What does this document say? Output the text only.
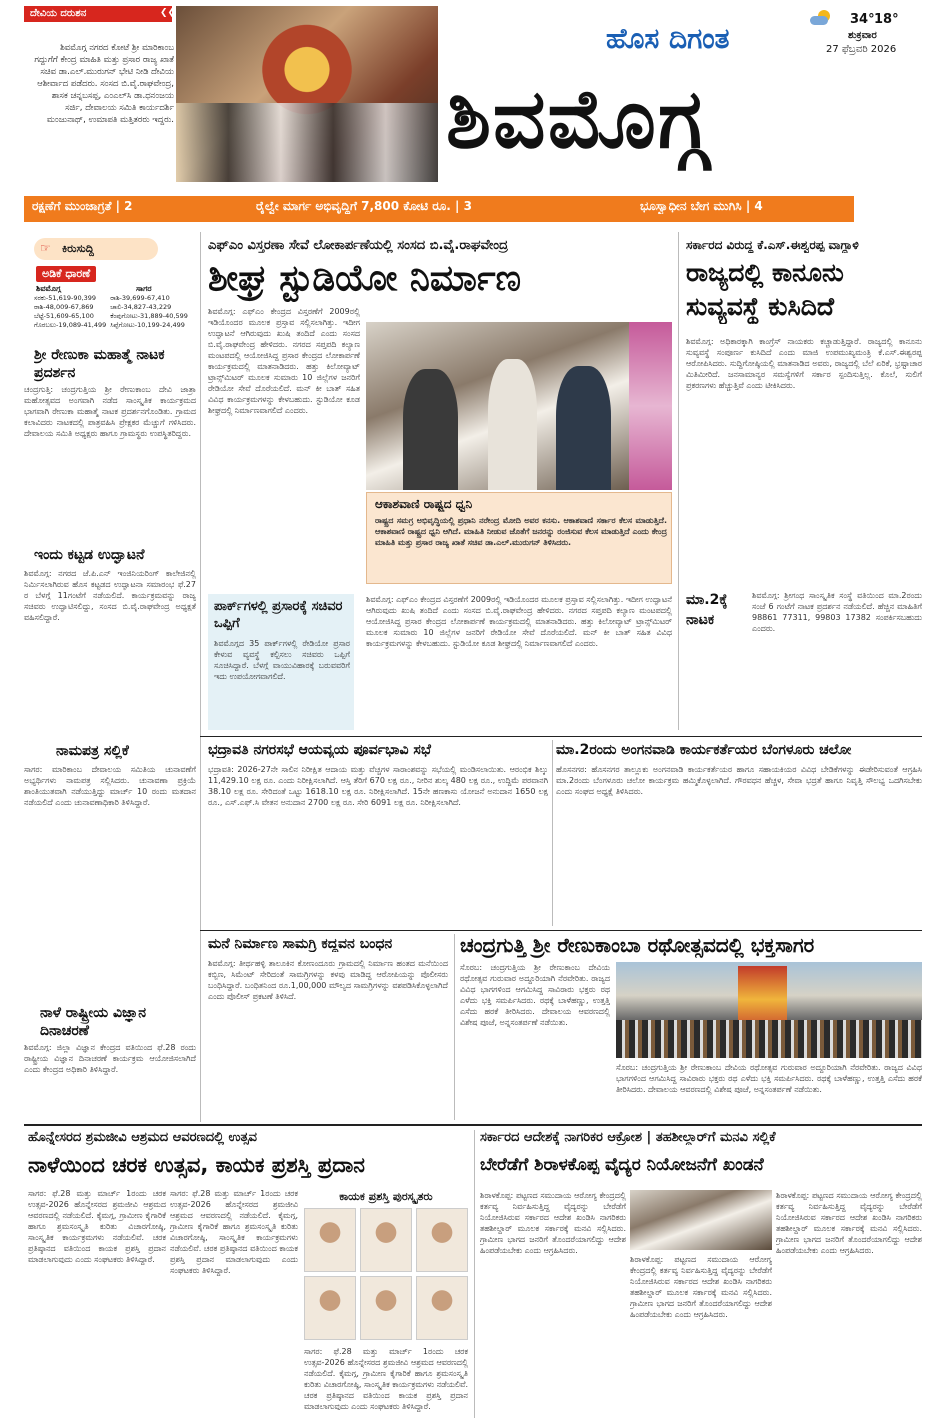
ದೇವಿಯ ದರುಶನ	❮❮
ಶಿವಮೊಗ್ಗ ನಗರದ ಕೋಟೆ ಶ್ರೀ ಮಾರಿಕಾಂಬ ಗದ್ದುಗೆಗೆ ಕೇಂದ್ರ ಮಾಹಿತಿ ಮತ್ತು ಪ್ರಸಾರ ರಾಜ್ಯ ಖಾತೆ ಸಚಿವ ಡಾ.ಎಲ್.ಮುರುಗನ್ ಭೇಟಿ ನೀಡಿ ದೇವಿಯ ಆಶೀರ್ವಾದ ಪಡೆದರು. ಸಂಸದ ಬಿ.ವೈ.ರಾಘವೇಂದ್ರ, ಶಾಸಕ ಚನ್ನಬಸಪ್ಪ, ಎಂಎಲ್‌ಸಿ ಡಾ.ಧನಂಜಯ ಸರ್ಜಿ, ದೇವಾಲಯ ಸಮಿತಿ ಕಾರ್ಯದರ್ಶಿ ಮಂಜುನಾಥ್, ಉಮಾಪತಿ ಮತ್ತಿತರರು ಇದ್ದರು.
ಹೊಸ ದಿಗಂತ
34° 18°
ಶುಕ್ರವಾರ
27 ಫೆಬ್ರವರಿ 2026
ಶಿವಮೊಗ್ಗ
ರಕ್ಷಣೆಗೆ ಮುಂಜಾಗ್ರತೆ | 2	ರೈಲ್ವೇ ಮಾರ್ಗ ಅಭಿವೃದ್ಧಿಗೆ 7,800 ಕೋಟಿ ರೂ. | 3	ಭೂಸ್ವಾಧೀನ ಬೇಗ ಮುಗಿಸಿ | 4
☞ ಕಿರುಸುದ್ದಿ
ಅಡಿಕೆ ಧಾರಣೆ
ಶಿವಮೊಗ್ಗ	ಸಾಗರ
ಸರಕು-51,619-90,399	ರಾಶಿ-39,699-67,410
ರಾಶಿ-48,009-67,869	ಚಾಲಿ-34,827-43,229
ಬೆಟ್ಟೆ-51,609-65,100	ಕೆಂಪುಗೋಟು-31,889-40,599
ಗೊರಬಲು-19,089-41,499	ಸಿಪ್ಪೆಗೋಟು-10,199-24,499
ಶ್ರೀ ರೇಣುಕಾ ಮಹಾತ್ಮೆ ನಾಟಕ ಪ್ರದರ್ಶನ
ಚಂದ್ರಗುತ್ತಿ: ಚಂದ್ರಗುತ್ತಿಯ ಶ್ರೀ ರೇಣುಕಾಂಬ ದೇವಿ ಜಾತ್ರಾ ಮಹೋತ್ಸವದ ಅಂಗವಾಗಿ ನಡೆದ ಸಾಂಸ್ಕೃತಿಕ ಕಾರ್ಯಕ್ರಮದ ಭಾಗವಾಗಿ ರೇಣುಕಾ ಮಹಾತ್ಮೆ ನಾಟಕ ಪ್ರದರ್ಶನಗೊಂಡಿತು. ಗ್ರಾಮದ ಕಲಾವಿದರು ನಾಟಕದಲ್ಲಿ ಪಾತ್ರವಹಿಸಿ ಪ್ರೇಕ್ಷಕರ ಮೆಚ್ಚುಗೆ ಗಳಿಸಿದರು. ದೇವಾಲಯ ಸಮಿತಿ ಅಧ್ಯಕ್ಷರು ಹಾಗೂ ಗ್ರಾಮಸ್ಥರು ಉಪಸ್ಥಿತರಿದ್ದರು.
ಇಂದು ಕಟ್ಟಡ ಉದ್ಘಾಟನೆ
ಶಿವಮೊಗ್ಗ: ನಗರದ ಜೆ.ಪಿ.ಎನ್ ಇಂಜಿನಿಯರಿಂಗ್ ಕಾಲೇಜಿನಲ್ಲಿ ನಿರ್ಮಿಸಲಾಗಿರುವ ಹೊಸ ಕಟ್ಟಡದ ಉದ್ಘಾಟನಾ ಸಮಾರಂಭ ಫೆ.27 ರ ಬೆಳಗ್ಗೆ 11ಗಂಟೆಗೆ ನಡೆಯಲಿದೆ. ಕಾರ್ಯಕ್ರಮವನ್ನು ರಾಜ್ಯ ಸಚಿವರು ಉದ್ಘಾಟಿಸಲಿದ್ದು, ಸಂಸದ ಬಿ.ವೈ.ರಾಘವೇಂದ್ರ ಅಧ್ಯಕ್ಷತೆ ವಹಿಸಲಿದ್ದಾರೆ.
ನಾಮಪತ್ರ ಸಲ್ಲಿಕೆ
ಸಾಗರ: ಮಾರಿಕಾಂಬ ದೇವಾಲಯ ಸಮಿತಿಯ ಚುನಾವಣೆಗೆ ಅಭ್ಯರ್ಥಿಗಳು ನಾಮಪತ್ರ ಸಲ್ಲಿಸಿದರು. ಚುನಾವಣಾ ಪ್ರಕ್ರಿಯೆ ಶಾಂತಿಯುತವಾಗಿ ನಡೆಯುತ್ತಿದ್ದು ಮಾರ್ಚ್ 10 ರಂದು ಮತದಾನ ನಡೆಯಲಿದೆ ಎಂದು ಚುನಾವಣಾಧಿಕಾರಿ ತಿಳಿಸಿದ್ದಾರೆ.
ನಾಳೆ ರಾಷ್ಟ್ರೀಯ ವಿಜ್ಞಾನ ದಿನಾಚರಣೆ
ಶಿವಮೊಗ್ಗ: ಜಿಲ್ಲಾ ವಿಜ್ಞಾನ ಕೇಂದ್ರದ ವತಿಯಿಂದ ಫೆ.28 ರಂದು ರಾಷ್ಟ್ರೀಯ ವಿಜ್ಞಾನ ದಿನಾಚರಣೆ ಕಾರ್ಯಕ್ರಮ ಆಯೋಜಿಸಲಾಗಿದೆ ಎಂದು ಕೇಂದ್ರದ ಅಧಿಕಾರಿ ತಿಳಿಸಿದ್ದಾರೆ.
ಎಫ್‌ಎಂ ವಿಸ್ತರಣಾ ಸೇವೆ ಲೋಕಾರ್ಪಣೆಯಲ್ಲಿ ಸಂಸದ ಬಿ.ವೈ.ರಾಘವೇಂದ್ರ
ಶೀಘ್ರ ಸ್ಟುಡಿಯೋ ನಿರ್ಮಾಣ
ಶಿವಮೊಗ್ಗ: ಎಫ್‌ಎಂ ಕೇಂದ್ರದ ವಿಸ್ತರಣೆಗೆ 2009ರಲ್ಲಿ ಇಡಿಯೊಂದರ ಮೂಲಕ ಪ್ರಸ್ತಾವ ಸಲ್ಲಿಸಲಾಗಿತ್ತು. ಇದೀಗ ಉದ್ಘಾಟನೆ ಆಗಿರುವುದು ಖುಷಿ ತಂದಿದೆ ಎಂದು ಸಂಸದ ಬಿ.ವೈ.ರಾಘವೇಂದ್ರ ಹೇಳಿದರು. ನಗರದ ಸಪ್ತಪದಿ ಕಲ್ಯಾಣ ಮಂಟಪದಲ್ಲಿ ಆಯೋಜಿಸಿದ್ದ ಪ್ರಸಾರ ಕೇಂದ್ರದ ಲೋಕಾರ್ಪಣೆ ಕಾರ್ಯಕ್ರಮದಲ್ಲಿ ಮಾತನಾಡಿದರು. ಹತ್ತು ಕಿಲೋವ್ಯಾಟ್ ಟ್ರಾನ್ಸ್‌ಮಿಟರ್ ಮೂಲಕ ಸುಮಾರು 10 ಜಿಲ್ಲೆಗಳ ಜನರಿಗೆ ರೇಡಿಯೋ ಸೇವೆ ದೊರೆಯಲಿದೆ. ಮನ್ ಕೀ ಬಾತ್ ಸಹಿತ ವಿವಿಧ ಕಾರ್ಯಕ್ರಮಗಳನ್ನು ಕೇಳಬಹುದು. ಸ್ಟುಡಿಯೋ ಕೂಡ ಶೀಘ್ರದಲ್ಲಿ ನಿರ್ಮಾಣವಾಗಲಿದೆ ಎಂದರು.
ಆಕಾಶವಾಣಿ ರಾಷ್ಟ್ರದ ಧ್ವನಿ
ರಾಷ್ಟ್ರದ ಸಮಗ್ರ ಅಭಿವೃದ್ಧಿಯಲ್ಲಿ ಪ್ರಧಾನಿ ನರೇಂದ್ರ ಮೋದಿ ಅವರ ಕನಸು. ಆಕಾಶವಾಣಿ ಸರ್ಕಾರ ಕೆಲಸ ಮಾಡುತ್ತಿದೆ. ಆಕಾಶವಾಣಿ ರಾಷ್ಟ್ರದ ಧ್ವನಿ ಆಗಿದೆ. ಮಾಹಿತಿ ನೀಡುವ ಜೊತೆಗೆ ಜನರನ್ನು ರಂಜಿಸುವ ಕೆಲಸ ಮಾಡುತ್ತಿದೆ ಎಂದು ಕೇಂದ್ರ ಮಾಹಿತಿ ಮತ್ತು ಪ್ರಸಾರ ರಾಜ್ಯ ಖಾತೆ ಸಚಿವ ಡಾ.ಎಲ್.ಮುರುಗನ್ ತಿಳಿಸಿದರು.
ಪಾರ್ಕ್‌ಗಳಲ್ಲಿ ಪ್ರಸಾರಕ್ಕೆ ಸಚಿವರ ಒಪ್ಪಿಗೆ
ಶಿವಮೊಗ್ಗದ 35 ಪಾರ್ಕ್‌ಗಳಲ್ಲಿ ರೇಡಿಯೋ ಪ್ರಸಾರ ಕೇಳುವ ವ್ಯವಸ್ಥೆ ಕಲ್ಪಿಸಲು ಸಚಿವರು ಒಪ್ಪಿಗೆ ಸೂಚಿಸಿದ್ದಾರೆ. ಬೆಳಗ್ಗೆ ವಾಯುವಿಹಾರಕ್ಕೆ ಬರುವವರಿಗೆ ಇದು ಉಪಯೋಗವಾಗಲಿದೆ.
ಶಿವಮೊಗ್ಗ: ಎಫ್‌ಎಂ ಕೇಂದ್ರದ ವಿಸ್ತರಣೆಗೆ 2009ರಲ್ಲಿ ಇಡಿಯೊಂದರ ಮೂಲಕ ಪ್ರಸ್ತಾವ ಸಲ್ಲಿಸಲಾಗಿತ್ತು. ಇದೀಗ ಉದ್ಘಾಟನೆ ಆಗಿರುವುದು ಖುಷಿ ತಂದಿದೆ ಎಂದು ಸಂಸದ ಬಿ.ವೈ.ರಾಘವೇಂದ್ರ ಹೇಳಿದರು. ನಗರದ ಸಪ್ತಪದಿ ಕಲ್ಯಾಣ ಮಂಟಪದಲ್ಲಿ ಆಯೋಜಿಸಿದ್ದ ಪ್ರಸಾರ ಕೇಂದ್ರದ ಲೋಕಾರ್ಪಣೆ ಕಾರ್ಯಕ್ರಮದಲ್ಲಿ ಮಾತನಾಡಿದರು. ಹತ್ತು ಕಿಲೋವ್ಯಾಟ್ ಟ್ರಾನ್ಸ್‌ಮಿಟರ್ ಮೂಲಕ ಸುಮಾರು 10 ಜಿಲ್ಲೆಗಳ ಜನರಿಗೆ ರೇಡಿಯೋ ಸೇವೆ ದೊರೆಯಲಿದೆ. ಮನ್ ಕೀ ಬಾತ್ ಸಹಿತ ವಿವಿಧ ಕಾರ್ಯಕ್ರಮಗಳನ್ನು ಕೇಳಬಹುದು. ಸ್ಟುಡಿಯೋ ಕೂಡ ಶೀಘ್ರದಲ್ಲಿ ನಿರ್ಮಾಣವಾಗಲಿದೆ ಎಂದರು.
ಸರ್ಕಾರದ ವಿರುದ್ಧ ಕೆ.ಎಸ್.ಈಶ್ವರಪ್ಪ ವಾಗ್ದಾಳಿ
ರಾಜ್ಯದಲ್ಲಿ ಕಾನೂನು ಸುವ್ಯವಸ್ಥೆ ಕುಸಿದಿದೆ
ಶಿವಮೊಗ್ಗ: ಅಧಿಕಾರಕ್ಕಾಗಿ ಕಾಂಗ್ರೆಸ್ ನಾಯಕರು ಕಚ್ಚಾಡುತ್ತಿದ್ದಾರೆ. ರಾಜ್ಯದಲ್ಲಿ ಕಾನೂನು ಸುವ್ಯವಸ್ಥೆ ಸಂಪೂರ್ಣ ಕುಸಿದಿದೆ ಎಂದು ಮಾಜಿ ಉಪಮುಖ್ಯಮಂತ್ರಿ ಕೆ.ಎಸ್.ಈಶ್ವರಪ್ಪ ಆರೋಪಿಸಿದರು. ಸುದ್ದಿಗೋಷ್ಠಿಯಲ್ಲಿ ಮಾತನಾಡಿದ ಅವರು, ರಾಜ್ಯದಲ್ಲಿ ಬೆಲೆ ಏರಿಕೆ, ಭ್ರಷ್ಟಾಚಾರ ಮಿತಿಮೀರಿದೆ. ಜನಸಾಮಾನ್ಯರ ಸಮಸ್ಯೆಗಳಿಗೆ ಸರ್ಕಾರ ಸ್ಪಂದಿಸುತ್ತಿಲ್ಲ. ಕೊಲೆ, ಸುಲಿಗೆ ಪ್ರಕರಣಗಳು ಹೆಚ್ಚುತ್ತಿವೆ ಎಂದು ಟೀಕಿಸಿದರು.
ಮಾ.2ಕ್ಕೆ ನಾಟಕ
ಶಿವಮೊಗ್ಗ: ಶ್ರೀಗಂಧ ಸಾಂಸ್ಕೃತಿಕ ಸಂಸ್ಥೆ ವತಿಯಿಂದ ಮಾ.2ರಂದು ಸಂಜೆ 6 ಗಂಟೆಗೆ ನಾಟಕ ಪ್ರದರ್ಶನ ನಡೆಯಲಿದೆ. ಹೆಚ್ಚಿನ ಮಾಹಿತಿಗೆ 98861 77311, 99803 17382 ಸಂಪರ್ಕಿಸಬಹುದು ಎಂದರು.
ಭದ್ರಾವತಿ ನಗರಸಭೆ ಆಯವ್ಯಯ ಪೂರ್ವಭಾವಿ ಸಭೆ
ಭದ್ರಾವತಿ: 2026-27ನೇ ಸಾಲಿನ ನಿರೀಕ್ಷಿತ ಆದಾಯ ಮತ್ತು ವೆಚ್ಚಗಳ ಸಾರಾಂಶವನ್ನು ಸಭೆಯಲ್ಲಿ ಮಂಡಿಸಲಾಯಿತು. ಆರಂಭಿಕ ಶಿಲ್ಕು 11,429.10 ಲಕ್ಷ ರೂ. ಎಂದು ನಿರೀಕ್ಷಿಸಲಾಗಿದೆ. ಆಸ್ತಿ ತೆರಿಗೆ 670 ಲಕ್ಷ ರೂ., ನೀರಿನ ಶುಲ್ಕ 480 ಲಕ್ಷ ರೂ., ಉದ್ದಿಮೆ ಪರವಾನಗಿ 38.10 ಲಕ್ಷ ರೂ. ಸೇರಿದಂತೆ ಒಟ್ಟು 1618.10 ಲಕ್ಷ ರೂ. ನಿರೀಕ್ಷಿಸಲಾಗಿದೆ. 15ನೇ ಹಣಕಾಸು ಯೋಜನೆ ಅನುದಾನ 1650 ಲಕ್ಷ ರೂ., ಎಸ್.ಎಫ್.ಸಿ ವೇತನ ಅನುದಾನ 2700 ಲಕ್ಷ ರೂ. ಸೇರಿ 6091 ಲಕ್ಷ ರೂ. ನಿರೀಕ್ಷಿಸಲಾಗಿದೆ.
ಮಾ.2ರಂದು ಅಂಗನವಾಡಿ ಕಾರ್ಯಕರ್ತೆಯರ ಬೆಂಗಳೂರು ಚಲೋ
ಹೊಸನಗರ: ಹೊಸನಗರ ತಾಲ್ಲೂಕು ಅಂಗನವಾಡಿ ಕಾರ್ಯಕರ್ತೆಯರ ಹಾಗೂ ಸಹಾಯಕಿಯರ ವಿವಿಧ ಬೇಡಿಕೆಗಳನ್ನು ಈಡೇರಿಸುವಂತೆ ಆಗ್ರಹಿಸಿ ಮಾ.2ರಂದು ಬೆಂಗಳೂರು ಚಲೋ ಕಾರ್ಯಕ್ರಮ ಹಮ್ಮಿಕೊಳ್ಳಲಾಗಿದೆ. ಗೌರವಧನ ಹೆಚ್ಚಳ, ಸೇವಾ ಭದ್ರತೆ ಹಾಗೂ ನಿವೃತ್ತಿ ಸೌಲಭ್ಯ ಒದಗಿಸಬೇಕು ಎಂದು ಸಂಘದ ಅಧ್ಯಕ್ಷೆ ತಿಳಿಸಿದರು.
ಮನೆ ನಿರ್ಮಾಣ ಸಾಮಗ್ರಿ ಕದ್ದವನ ಬಂಧನ
ಶಿವಮೊಗ್ಗ: ತೀರ್ಥಹಳ್ಳಿ ತಾಲೂಕಿನ ಕೋಣಂದೂರು ಗ್ರಾಮದಲ್ಲಿ ನಿರ್ಮಾಣ ಹಂತದ ಮನೆಯಿಂದ ಕಬ್ಬಿಣ, ಸಿಮೆಂಟ್ ಸೇರಿದಂತೆ ಸಾಮಗ್ರಿಗಳನ್ನು ಕಳವು ಮಾಡಿದ್ದ ಆರೋಪಿಯನ್ನು ಪೊಲೀಸರು ಬಂಧಿಸಿದ್ದಾರೆ. ಬಂಧಿತನಿಂದ ರೂ.1,00,000 ಮೌಲ್ಯದ ಸಾಮಗ್ರಿಗಳನ್ನು ವಶಪಡಿಸಿಕೊಳ್ಳಲಾಗಿದೆ ಎಂದು ಪೊಲೀಸ್ ಪ್ರಕಟಣೆ ತಿಳಿಸಿದೆ.
ಚಂದ್ರಗುತ್ತಿ ಶ್ರೀ ರೇಣುಕಾಂಬಾ ರಥೋತ್ಸವದಲ್ಲಿ ಭಕ್ತಸಾಗರ
ಸೊರಬ: ಚಂದ್ರಗುತ್ತಿಯ ಶ್ರೀ ರೇಣುಕಾಂಬ ದೇವಿಯ ರಥೋತ್ಸವ ಗುರುವಾರ ಅದ್ದೂರಿಯಾಗಿ ನೆರವೇರಿತು. ರಾಜ್ಯದ ವಿವಿಧ ಭಾಗಗಳಿಂದ ಆಗಮಿಸಿದ್ದ ಸಾವಿರಾರು ಭಕ್ತರು ರಥ ಎಳೆದು ಭಕ್ತಿ ಸಮರ್ಪಿಸಿದರು. ರಥಕ್ಕೆ ಬಾಳೆಹಣ್ಣು, ಉತ್ತತ್ತಿ ಎಸೆದು ಹರಕೆ ತೀರಿಸಿದರು. ದೇವಾಲಯ ಆವರಣದಲ್ಲಿ ವಿಶೇಷ ಪೂಜೆ, ಅನ್ನಸಂತರ್ಪಣೆ ನಡೆಯಿತು.
ಸೊರಬ: ಚಂದ್ರಗುತ್ತಿಯ ಶ್ರೀ ರೇಣುಕಾಂಬ ದೇವಿಯ ರಥೋತ್ಸವ ಗುರುವಾರ ಅದ್ದೂರಿಯಾಗಿ ನೆರವೇರಿತು. ರಾಜ್ಯದ ವಿವಿಧ ಭಾಗಗಳಿಂದ ಆಗಮಿಸಿದ್ದ ಸಾವಿರಾರು ಭಕ್ತರು ರಥ ಎಳೆದು ಭಕ್ತಿ ಸಮರ್ಪಿಸಿದರು. ರಥಕ್ಕೆ ಬಾಳೆಹಣ್ಣು, ಉತ್ತತ್ತಿ ಎಸೆದು ಹರಕೆ ತೀರಿಸಿದರು. ದೇವಾಲಯ ಆವರಣದಲ್ಲಿ ವಿಶೇಷ ಪೂಜೆ, ಅನ್ನಸಂತರ್ಪಣೆ ನಡೆಯಿತು.
ಹೊನ್ನೇಸರದ ಶ್ರಮಜೀವಿ ಆಶ್ರಮದ ಆವರಣದಲ್ಲಿ ಉತ್ಸವ
ನಾಳೆಯಿಂದ ಚರಕ ಉತ್ಸವ, ಕಾಯಕ ಪ್ರಶಸ್ತಿ ಪ್ರದಾನ
ಸಾಗರ: ಫೆ.28 ಮತ್ತು ಮಾರ್ಚ್ 1ರಂದು ಚರಕ ಉತ್ಸವ-2026 ಹೊನ್ನೇಸರದ ಶ್ರಮಜೀವಿ ಆಶ್ರಮದ ಆವರಣದಲ್ಲಿ ನಡೆಯಲಿದೆ. ಕೈಮಗ್ಗ, ಗ್ರಾಮೀಣ ಕೈಗಾರಿಕೆ ಹಾಗೂ ಶ್ರಮಸಂಸ್ಕೃತಿ ಕುರಿತು ವಿಚಾರಗೋಷ್ಠಿ, ಸಾಂಸ್ಕೃತಿಕ ಕಾರ್ಯಕ್ರಮಗಳು ನಡೆಯಲಿವೆ. ಚರಕ ಪ್ರತಿಷ್ಠಾನದ ವತಿಯಿಂದ ಕಾಯಕ ಪ್ರಶಸ್ತಿ ಪ್ರದಾನ ಮಾಡಲಾಗುವುದು ಎಂದು ಸಂಘಟಕರು ತಿಳಿಸಿದ್ದಾರೆ.
ಸಾಗರ: ಫೆ.28 ಮತ್ತು ಮಾರ್ಚ್ 1ರಂದು ಚರಕ ಉತ್ಸವ-2026 ಹೊನ್ನೇಸರದ ಶ್ರಮಜೀವಿ ಆಶ್ರಮದ ಆವರಣದಲ್ಲಿ ನಡೆಯಲಿದೆ. ಕೈಮಗ್ಗ, ಗ್ರಾಮೀಣ ಕೈಗಾರಿಕೆ ಹಾಗೂ ಶ್ರಮಸಂಸ್ಕೃತಿ ಕುರಿತು ವಿಚಾರಗೋಷ್ಠಿ, ಸಾಂಸ್ಕೃತಿಕ ಕಾರ್ಯಕ್ರಮಗಳು ನಡೆಯಲಿವೆ. ಚರಕ ಪ್ರತಿಷ್ಠಾನದ ವತಿಯಿಂದ ಕಾಯಕ ಪ್ರಶಸ್ತಿ ಪ್ರದಾನ ಮಾಡಲಾಗುವುದು ಎಂದು ಸಂಘಟಕರು ತಿಳಿಸಿದ್ದಾರೆ.
ಕಾಯಕ ಪ್ರಶಸ್ತಿ ಪುರಸ್ಕೃತರು
ಸಾಗರ: ಫೆ.28 ಮತ್ತು ಮಾರ್ಚ್ 1ರಂದು ಚರಕ ಉತ್ಸವ-2026 ಹೊನ್ನೇಸರದ ಶ್ರಮಜೀವಿ ಆಶ್ರಮದ ಆವರಣದಲ್ಲಿ ನಡೆಯಲಿದೆ. ಕೈಮಗ್ಗ, ಗ್ರಾಮೀಣ ಕೈಗಾರಿಕೆ ಹಾಗೂ ಶ್ರಮಸಂಸ್ಕೃತಿ ಕುರಿತು ವಿಚಾರಗೋಷ್ಠಿ, ಸಾಂಸ್ಕೃತಿಕ ಕಾರ್ಯಕ್ರಮಗಳು ನಡೆಯಲಿವೆ. ಚರಕ ಪ್ರತಿಷ್ಠಾನದ ವತಿಯಿಂದ ಕಾಯಕ ಪ್ರಶಸ್ತಿ ಪ್ರದಾನ ಮಾಡಲಾಗುವುದು ಎಂದು ಸಂಘಟಕರು ತಿಳಿಸಿದ್ದಾರೆ.
ಸರ್ಕಾರದ ಆದೇಶಕ್ಕೆ ನಾಗರಿಕರ ಆಕ್ರೋಶ | ತಹಶೀಲ್ದಾರ್‌ಗೆ ಮನವಿ ಸಲ್ಲಿಕೆ
ಬೇರೆಡೆಗೆ ಶಿರಾಳಕೊಪ್ಪ ವೈದ್ಯರ ನಿಯೋಜನೆಗೆ ಖಂಡನೆ
ಶಿರಾಳಕೊಪ್ಪ: ಪಟ್ಟಣದ ಸಮುದಾಯ ಆರೋಗ್ಯ ಕೇಂದ್ರದಲ್ಲಿ ಕರ್ತವ್ಯ ನಿರ್ವಹಿಸುತ್ತಿದ್ದ ವೈದ್ಯರನ್ನು ಬೇರೆಡೆಗೆ ನಿಯೋಜಿಸಿರುವ ಸರ್ಕಾರದ ಆದೇಶ ಖಂಡಿಸಿ ನಾಗರಿಕರು ತಹಶೀಲ್ದಾರ್ ಮೂಲಕ ಸರ್ಕಾರಕ್ಕೆ ಮನವಿ ಸಲ್ಲಿಸಿದರು. ಗ್ರಾಮೀಣ ಭಾಗದ ಜನರಿಗೆ ತೊಂದರೆಯಾಗಲಿದ್ದು ಆದೇಶ ಹಿಂಪಡೆಯಬೇಕು ಎಂದು ಆಗ್ರಹಿಸಿದರು.
ಶಿರಾಳಕೊಪ್ಪ: ಪಟ್ಟಣದ ಸಮುದಾಯ ಆರೋಗ್ಯ ಕೇಂದ್ರದಲ್ಲಿ ಕರ್ತವ್ಯ ನಿರ್ವಹಿಸುತ್ತಿದ್ದ ವೈದ್ಯರನ್ನು ಬೇರೆಡೆಗೆ ನಿಯೋಜಿಸಿರುವ ಸರ್ಕಾರದ ಆದೇಶ ಖಂಡಿಸಿ ನಾಗರಿಕರು ತಹಶೀಲ್ದಾರ್ ಮೂಲಕ ಸರ್ಕಾರಕ್ಕೆ ಮನವಿ ಸಲ್ಲಿಸಿದರು. ಗ್ರಾಮೀಣ ಭಾಗದ ಜನರಿಗೆ ತೊಂದರೆಯಾಗಲಿದ್ದು ಆದೇಶ ಹಿಂಪಡೆಯಬೇಕು ಎಂದು ಆಗ್ರಹಿಸಿದರು.
ಶಿರಾಳಕೊಪ್ಪ: ಪಟ್ಟಣದ ಸಮುದಾಯ ಆರೋಗ್ಯ ಕೇಂದ್ರದಲ್ಲಿ ಕರ್ತವ್ಯ ನಿರ್ವಹಿಸುತ್ತಿದ್ದ ವೈದ್ಯರನ್ನು ಬೇರೆಡೆಗೆ ನಿಯೋಜಿಸಿರುವ ಸರ್ಕಾರದ ಆದೇಶ ಖಂಡಿಸಿ ನಾಗರಿಕರು ತಹಶೀಲ್ದಾರ್ ಮೂಲಕ ಸರ್ಕಾರಕ್ಕೆ ಮನವಿ ಸಲ್ಲಿಸಿದರು. ಗ್ರಾಮೀಣ ಭಾಗದ ಜನರಿಗೆ ತೊಂದರೆಯಾಗಲಿದ್ದು ಆದೇಶ ಹಿಂಪಡೆಯಬೇಕು ಎಂದು ಆಗ್ರಹಿಸಿದರು.
